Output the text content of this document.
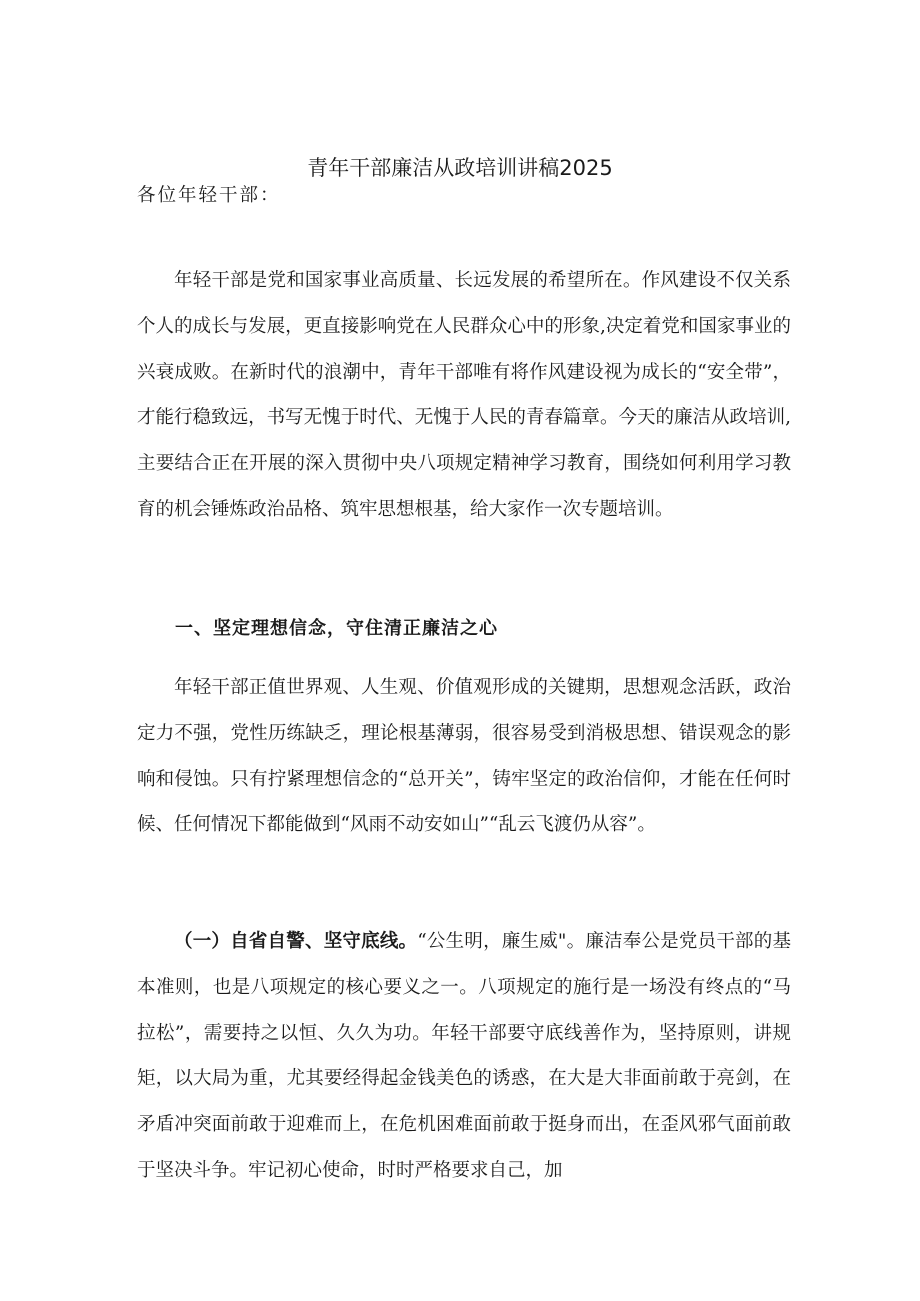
青年干部廉洁从政培训讲稿2025
各位年轻干部：

年轻干部是党和国家事业高质量、长远发展的希望所在。作风建设不仅关系个人的成长与发展，更直接影响党在人民群众心中的形象,决定着党和国家事业的兴衰成败。在新时代的浪潮中，青年干部唯有将作风建设视为成长的“安全带”，才能行稳致远，书写无愧于时代、无愧于人民的青春篇章。今天的廉洁从政培训,主要结合正在开展的深入贯彻中央八项规定精神学习教育，围绕如何利用学习教育的机会锤炼政治品格、筑牢思想根基，给大家作一次专题培训。

一、坚定理想信念，守住清正廉洁之心

年轻干部正值世界观、人生观、价值观形成的关键期，思想观念活跃，政治定力不强，党性历练缺乏，理论根基薄弱，很容易受到消极思想、错误观念的影响和侵蚀。只有拧紧理想信念的“总开关”，铸牢坚定的政治信仰，才能在任何时候、任何情况下都能做到“风雨不动安如山”“乱云飞渡仍从容”。

（一）自省自警、坚守底线。“公生明，廉生威"。廉洁奉公是党员干部的基本准则，也是八项规定的核心要义之一。八项规定的施行是一场没有终点的“马拉松”，需要持之以恒、久久为功。年轻干部要守底线善作为，坚持原则，讲规矩，以大局为重，尤其要经得起金钱美色的诱惑，在大是大非面前敢于亮剑，在矛盾冲突面前敢于迎难而上，在危机困难面前敢于挺身而出，在歪风邪气面前敢于坚决斗争。牢记初心使命，时时严格要求自己，加
